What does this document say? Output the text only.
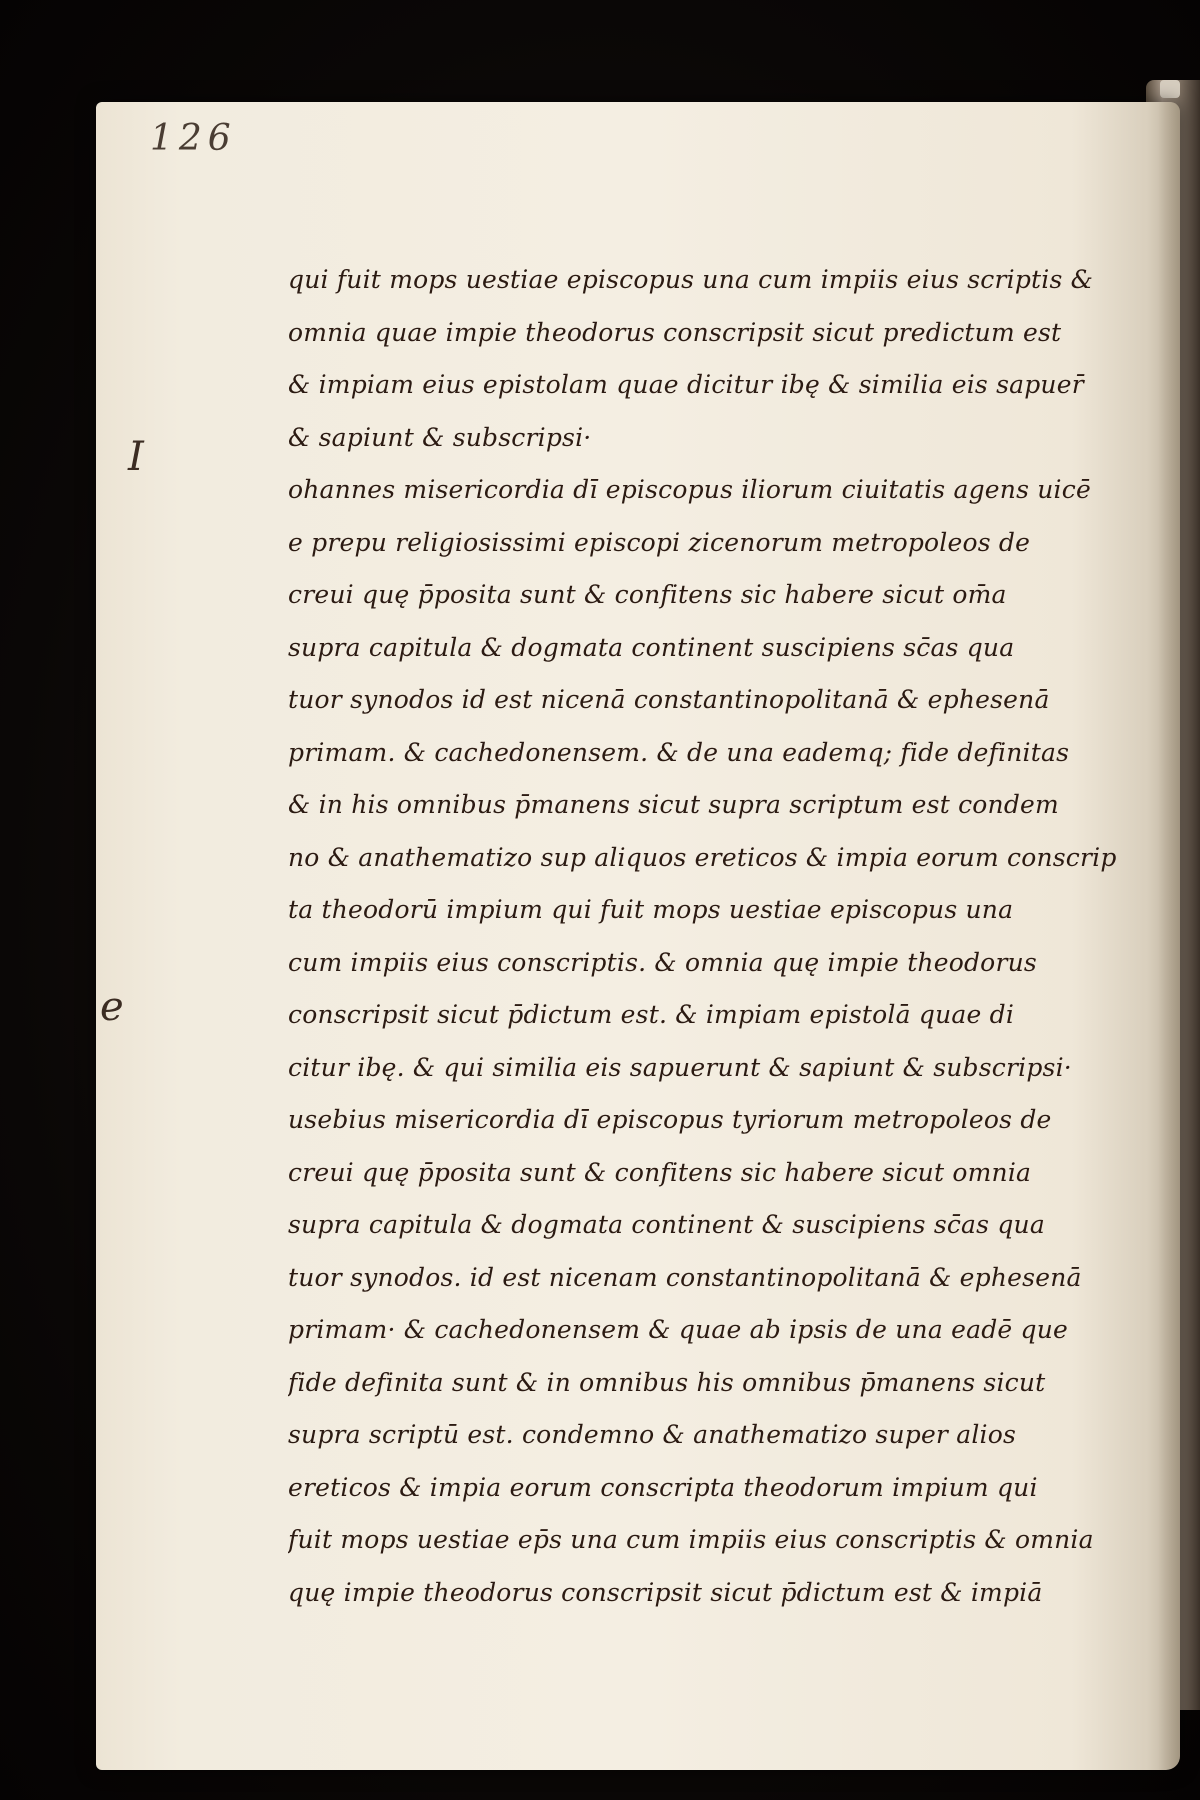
126
I
e
qui fuit mops uestiae episcopus una cum impiis eius scriptis &
omnia quae impie theodorus conscripsit sicut predictum est
& impiam eius epistolam quae dicitur ibę & similia eis sapuer̄
& sapiunt & subscripsi·
ohannes misericordia dī episcopus iliorum ciuitatis agens uicē
e prepu religiosissimi episcopi zicenorum metropoleos de
creui quę p̄posita sunt & confitens sic habere sicut om̄a
supra capitula & dogmata continent suscipiens sc̄as qua
tuor synodos id est nicenā constantinopolitanā & ephesenā
primam. & cachedonensem. & de una eademq; fide definitas
& in his omnibus p̄manens sicut supra scriptum est condem
no & anathematizo sup aliquos ereticos & impia eorum conscrip
ta theodorū impium qui fuit mops uestiae episcopus una
cum impiis eius conscriptis. & omnia quę impie theodorus
conscripsit sicut p̄dictum est. & impiam epistolā quae di
citur ibę. & qui similia eis sapuerunt & sapiunt & subscripsi·
usebius misericordia dī episcopus tyriorum metropoleos de
creui quę p̄posita sunt & confitens sic habere sicut omnia
supra capitula & dogmata continent & suscipiens sc̄as qua
tuor synodos. id est nicenam constantinopolitanā & ephesenā
primam· & cachedonensem & quae ab ipsis de una eadē que
fide definita sunt & in omnibus his omnibus p̄manens sicut
supra scriptū est. condemno & anathematizo super alios
ereticos & impia eorum conscripta theodorum impium qui
fuit mops uestiae ep̄s una cum impiis eius conscriptis & omnia
quę impie theodorus conscripsit sicut p̄dictum est & impiā
